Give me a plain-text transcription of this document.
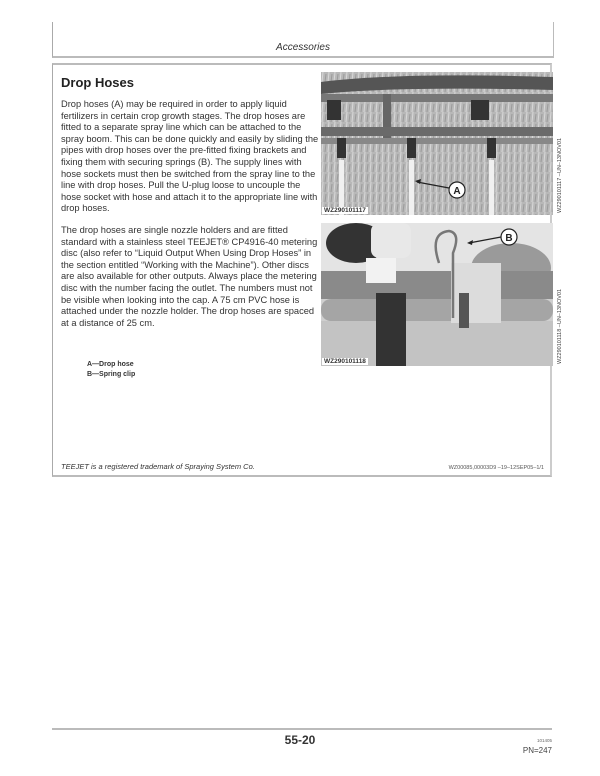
Accessories
Drop Hoses

Drop hoses (A) may be required in order to apply liquid fertilizers in certain crop growth stages. The drop hoses are fitted to a separate spray line which can be attached to the spray boom. This can be done quickly and easily by sliding the pipes with drop hoses over the pre-fitted fixing brackets and fixing them with securing springs (B). The supply lines with hose sockets must then be switched from the spray line to the line with drop hoses. Pull the U-plug loose to uncouple the hose socket with hose and attach it to the appropriate line with drop hoses.

The drop hoses are single nozzle holders and are fitted standard with a stainless steel TEEJET® CP4916-40 metering disc (also refer to “Liquid Output When Using Drop Hoses” in the section entitled “Working with the Machine”). Other discs are also available for other outputs. Always place the metering disc with the number facing the outlet. The numbers must not be visible when looking into the cap. A 75 cm PVC hose is attached under the nozzle holder. The drop hoses are spaced at a distance of 25 cm.

A—Drop hose
B—Spring clip
TEEJET is a registered trademark of Spraying System Co.	WZ00085,00003D9 –19–12SEP05–1/1
A
WZ290101117	WZ290101117 –UN–13NOV01
B
WZ290101118	WZ290101118 –UN–13NOV01
55-20	101405
PN=247
